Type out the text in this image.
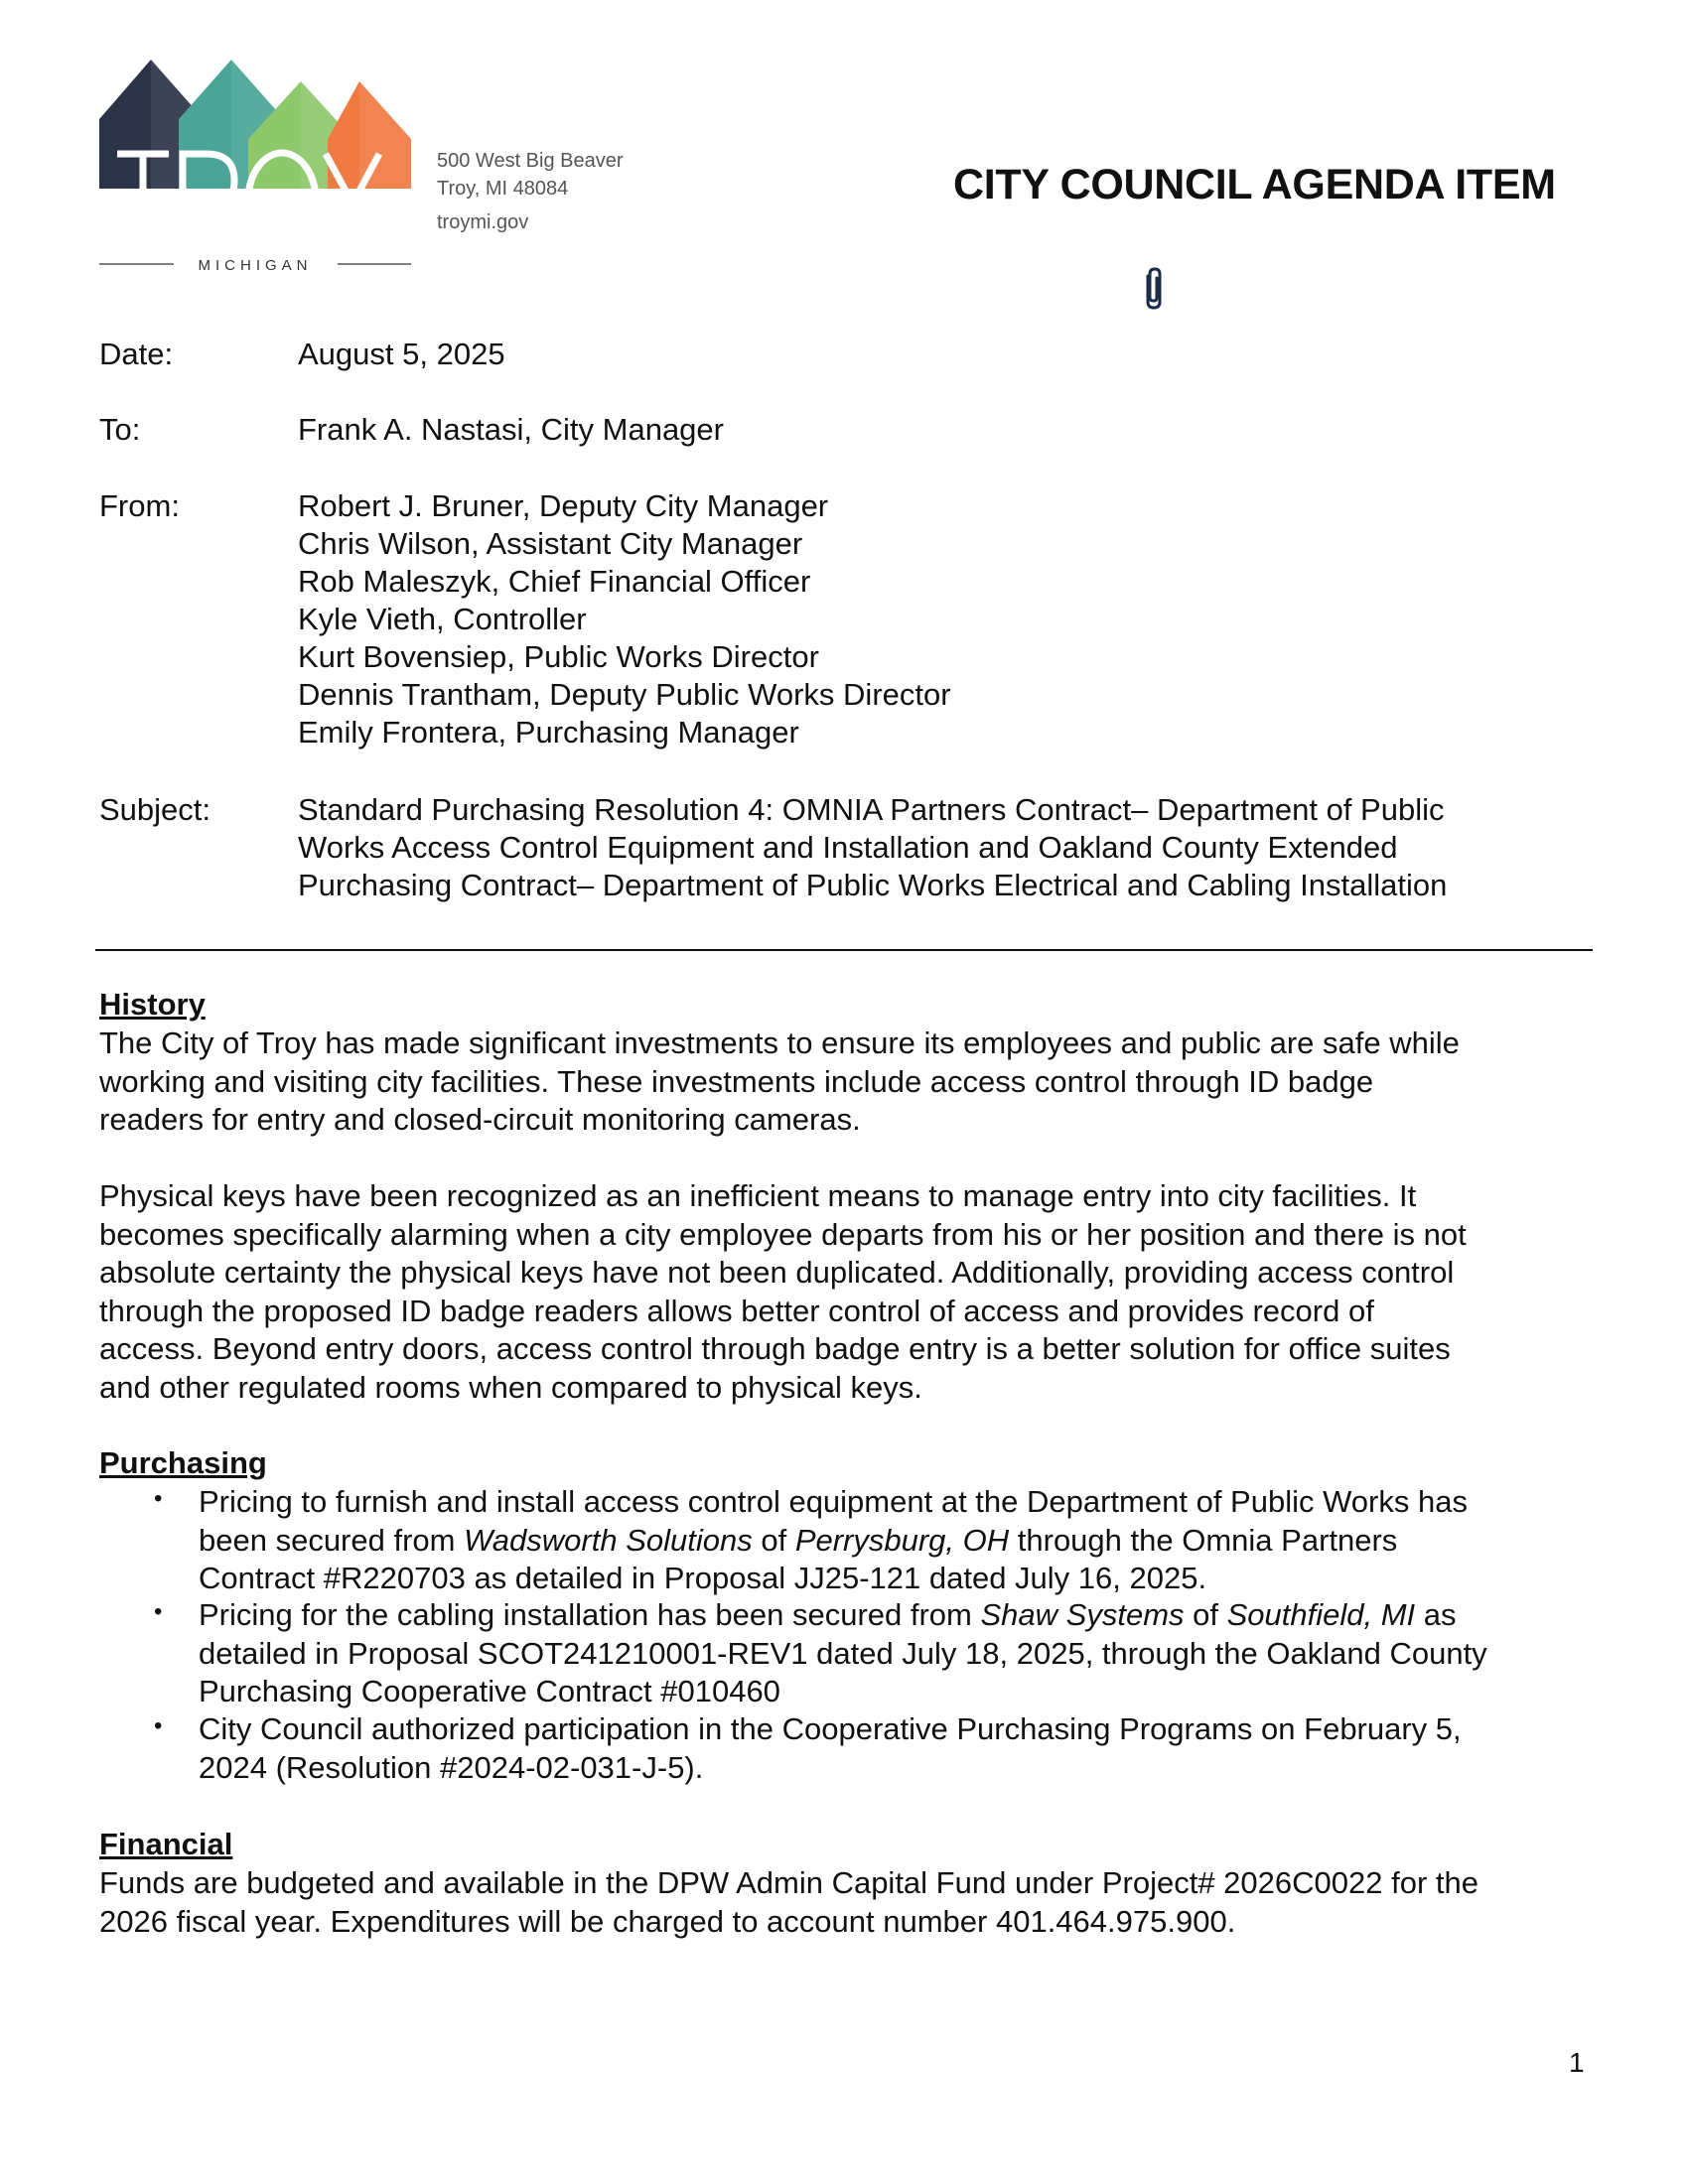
MICHIGAN
500 West Big Beaver
Troy, MI 48084
troymi.gov
CITY COUNCIL AGENDA ITEM
Date:	August 5, 2025
To:	Frank A. Nastasi, City Manager
From:	Robert J. Bruner, Deputy City Manager
Chris Wilson, Assistant City Manager
Rob Maleszyk, Chief Financial Officer
Kyle Vieth, Controller
Kurt Bovensiep, Public Works Director
Dennis Trantham, Deputy Public Works Director
Emily Frontera, Purchasing Manager
Subject:	Standard Purchasing Resolution 4: OMNIA Partners Contract– Department of Public
Works Access Control Equipment and Installation and Oakland County Extended
Purchasing Contract– Department of Public Works Electrical and Cabling Installation
History
The City of Troy has made significant investments to ensure its employees and public are safe while
working and visiting city facilities. These investments include access control through ID badge
readers for entry and closed-circuit monitoring cameras.
Physical keys have been recognized as an inefficient means to manage entry into city facilities. It
becomes specifically alarming when a city employee departs from his or her position and there is not
absolute certainty the physical keys have not been duplicated. Additionally, providing access control
through the proposed ID badge readers allows better control of access and provides record of
access. Beyond entry doors, access control through badge entry is a better solution for office suites
and other regulated rooms when compared to physical keys.
Purchasing
• Pricing to furnish and install access control equipment at the Department of Public Works has
been secured from Wadsworth Solutions of Perrysburg, OH through the Omnia Partners
Contract #R220703 as detailed in Proposal JJ25-121 dated July 16, 2025.
• Pricing for the cabling installation has been secured from Shaw Systems of Southfield, MI as
detailed in Proposal SCOT241210001-REV1 dated July 18, 2025, through the Oakland County
Purchasing Cooperative Contract #010460
• City Council authorized participation in the Cooperative Purchasing Programs on February 5,
2024 (Resolution #2024-02-031-J-5).
Financial
Funds are budgeted and available in the DPW Admin Capital Fund under Project# 2026C0022 for the
2026 fiscal year. Expenditures will be charged to account number 401.464.975.900.
1
